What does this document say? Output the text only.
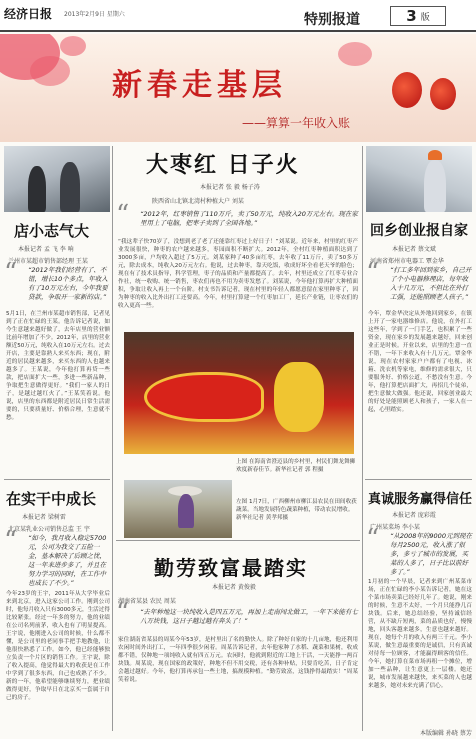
经济日报 2013年2月9日 星期六	特别报道	3 版
新春走基层
——算算一年收入账
店小志气大
本报记者 孟 飞 李 响
兰州市某超市销售部经理 王某
“ “2012年我们经营有了、不错，增长10个多点，年收入有了10万元左右，今年我要贷款，争取开一家新的店。”
5月1日，在兰州市某超市销售部，记者见到了正在忙碌的王某。他告诉记者说，如今生意越来越好做了，去年店里的营业额比前年增加了不少。2012年，店里的营业额近50万元，纯收入在10万元左右。过去开店，主要是靠熟人来买东西；现在，附近的居民越来越多，来买东西的人也越来越多了。王某说，今年他打算再贷一些款，把店面扩大一些，多进一些新品种，争取把生意做得更好。“我们一家人的日子，是越过越红火了。”王某笑着说。他说，店里的东西都是附近居民日常生活需要的，只要质量好、价格合理，生意就不愁。
在实干中成长
本报记者 梁树雷
北京某乳业公司销售总监 王 宇
“ “如今，我月收入稳定5700元，公司为我交了五险一金，基本解决了后顾之忧，这一年来进步多了，并且在努力学习的同时，在工作中也成长了不少。”
今年23岁的王宇，2011年从大学毕业后来到北京，进入这家公司工作。刚到公司时，他每月收入只有3000多元，生活过得比较紧张。经过一年多的努力，他的业绩在公司名列前茅，收入也有了明显提高。王宇说，他刚进入公司的时候，什么都不懂，是公司里的老同事手把手地教他，让他很快熟悉了工作。如今，他已经能够独立负责一个片区的销售工作。王宇说，除了收入提高，他觉得最大的收获是在工作中学到了很多东西，自己也成熟了不少。新的一年，他希望能够继续努力，把业绩做得更好，争取早日在北京买一套属于自己的房子。
大枣红 日子火
本报记者 张 毅 杨子涛
陕西省山北镇北湾村种植大户 刘某
“ “2012年，红枣销售了110万斤，卖了50万元，纯收入20万元左右。现在家里用上了电脑，把枣子卖到了全国各地。”
“我这辈子快70岁了，没想到老了老了还能靠红枣过上好日子！”刘某说。近年来，村里的红枣产业发展很快，种枣的农户越来越多，枣园面积不断扩大。2012年，全村红枣种植面积达到了3000多亩，户均收入超过了5万元。刘某家种了40多亩红枣，去年收了11万斤，卖了50多万元，除去成本，纯收入20万元左右。他说，过去种枣，靠天吃饭，收成好坏全看老天爷的脸色；现在有了技术员指导，科学管理，枣子的品质和产量都提高了。去年，村里还成立了红枣专业合作社，统一收购、统一销售，枣农们再也不用为卖枣发愁了。刘某说，今年他打算再扩大种植面积，争取让收入再上一个台阶。村支书告诉记者，现在村里的年轻人都愿意留在家里种枣了，因为种枣的收入比外出打工还要高。今年，村里打算建一个红枣加工厂，延长产业链，让枣农们的收入更高一些。
上图 在海南省澄迈县的乡村里，村民们舞龙舞狮欢度新春佳节。新华社记者 郭 程摄
左图 1月7日，广西柳州市柳江县农民在田间收获蔬菜。当地发展特色蔬菜种植，带动农民增收。新华社记者 黄孝邦摄
勤劳致富最踏实
本报记者 黄俊毅
湖南省某县 农民 周某
“ “去年种地这一块纯收入是四五万元，再加上走南闯北做工，一年下来能有七八万块钱，这日子越过越有奔头了！”
家住湖南省某县的周某今年53岁，是村里出了名的勤快人。除了种好自家的十几亩地，他还利用农闲时间外出打工，一年四季很少闲着。周某告诉记者，去年他家种了水稻、蔬菜和果树，收成都不错，仅种地一项纯收入就有四五万元。农闲时，他就到附近的工地上干活，一天能挣一两百块钱。周某说，现在国家的政策好，种地不但不用交税，还有各种补贴，只要肯吃苦，日子肯定会越过越好。今年，他打算再承包一些土地，搞规模种植。“勤劳致富，这钱挣得最踏实！”周某笑着说。
回乡创业报自家
本报记者 蔡文斌
河南省郑州市电器工 覃金华
“ “打工多年回到家乡，自己开了个小电器修理店，每年收入十几万元，不但比在外打工强，还能照顾老人孩子。”
今年，覃金华决定从外地回到家乡，在镇上开了一家电器维修店。他说，在外打工这些年，学到了一门手艺，也积累了一些资金，现在家乡的发展越来越好，回来创业正是时候。开业以来，店里的生意一直不错，一年下来收入有十几万元。覃金华说，现在农村家家户户都有了电视、冰箱、洗衣机等家电，维修的需求很大，只要服务好、价格公道，不愁没有生意。今年，他打算把店面扩大，再招几个徒弟，把生意做大做强。他还说，回家创业最大的好处是能照顾老人和孩子，一家人在一起，心里踏实。
真诚服务赢得信任
本报记者 庞彩霞
广州某菜场 李小某
“ “从2008年的9000元到现在每月2500元，收入涨了很多，多亏了城市的发展，买菜的人多了，日子比以前好多了。”
1月初的一个早晨，记者来到广州某菜市场，正在忙碌的李小某告诉记者，她在这个菜市场卖菜已经好几年了。她说，刚来的时候，生意不太好，一个月只能挣几百块钱。后来，她总结经验，坚持诚信经营，从不缺斤短两，菜的品质也好，慢慢地，回头客越来越多，生意也越来越好。现在，她每个月的收入有两三千元。李小某说，做生意最重要的是诚信，只有真诚对待每一位顾客，才能赢得顾客的信任。今年，她打算在菜市场再租一个摊位，增加一些品种，让生意更上一层楼。她还说，城市发展越来越快，来买菜的人也越来越多，她对未来充满了信心。
本版编辑 孙晓 蔡芳
